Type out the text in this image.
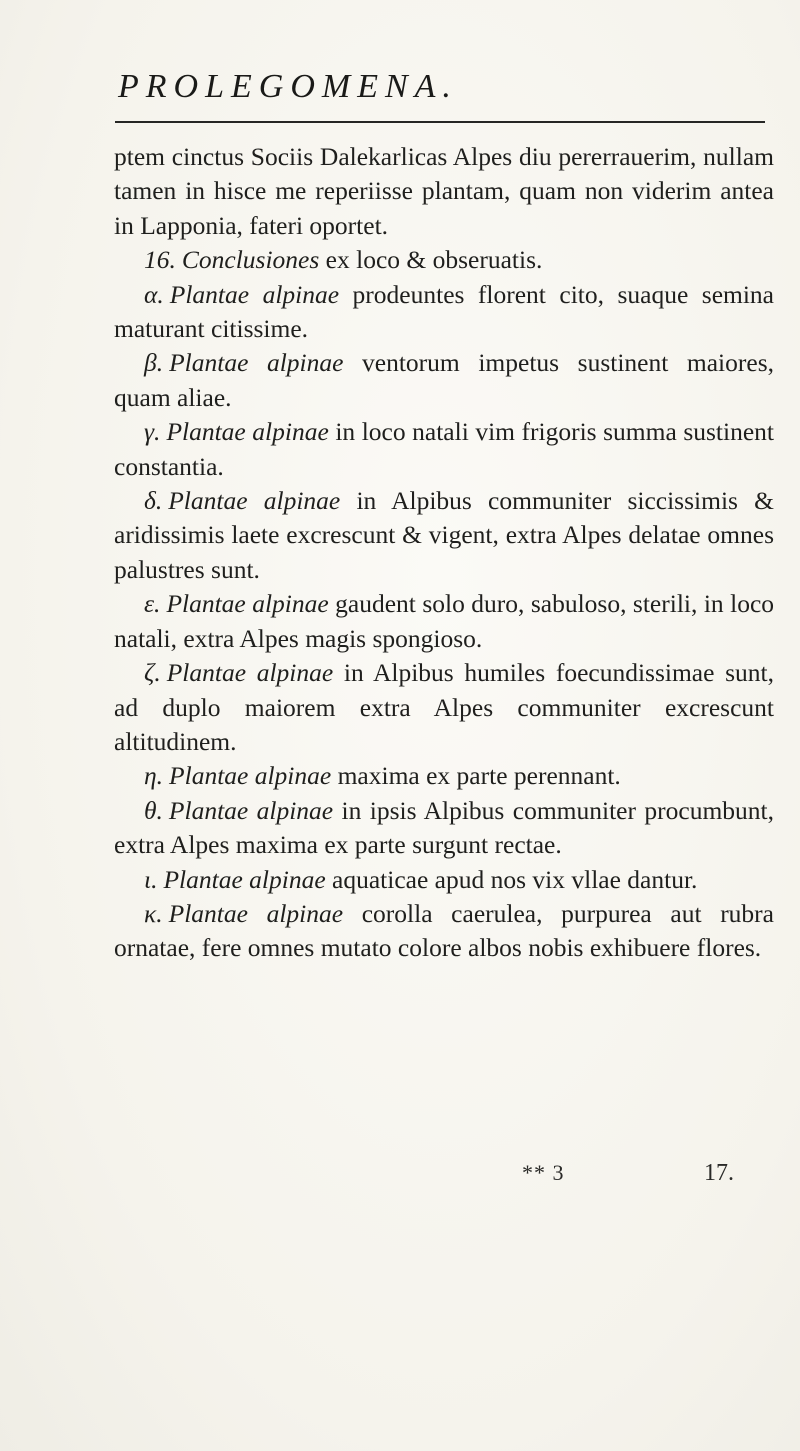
PROLEGOMENA.

ptem cinctus Sociis Dalekarlicas Alpes diu pererrauerim, nullam tamen in hisce me reperiisse plantam, quam non viderim antea in Lapponia, fateri oportet.

16. Conclusiones ex loco & obseruatis.

α. Plantae alpinae prodeuntes florent cito, suaque semina maturant citissime.

β. Plantae alpinae ventorum impetus sustinent maiores, quam aliae.

γ. Plantae alpinae in loco natali vim frigoris summa sustinent constantia.

δ. Plantae alpinae in Alpibus communiter siccissimis & aridissimis laete excrescunt & vigent, extra Alpes delatae omnes palustres sunt.

ε. Plantae alpinae gaudent solo duro, sabuloso, sterili, in loco natali, extra Alpes magis spongioso.

ζ. Plantae alpinae in Alpibus humiles foecundissimae sunt, ad duplo maiorem extra Alpes communiter excrescunt altitudinem.

η. Plantae alpinae maxima ex parte perennant.

θ. Plantae alpinae in ipsis Alpibus communiter procumbunt, extra Alpes maxima ex parte surgunt rectae.

ι. Plantae alpinae aquaticae apud nos vix vllae dantur.

κ. Plantae alpinae corolla caerulea, purpurea aut rubra ornatae, fere omnes mutato colore albos nobis exhibuere flores.

** 3	17.
